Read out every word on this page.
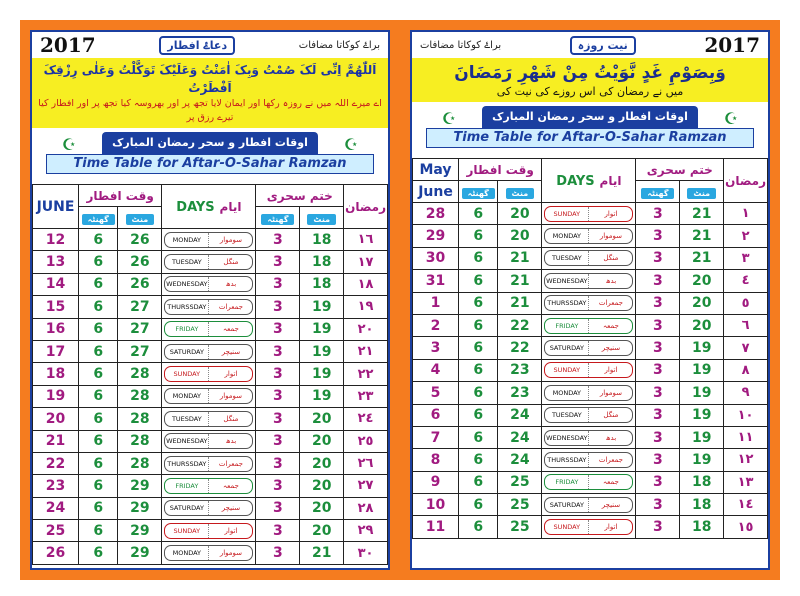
2017	دعاۓ افطار	براۓ کوکاتا مضافات
اَللّٰھُمَّ اِنِّی لَکَ صُمْتُ وَبِکَ اٰمَنْتُ وَعَلَیْکَ تَوَکَّلْتُ وَعَلٰی رِزْقِکَ اَفْطَرْتُ
اے میرے اللہ میں نے روزہ رکھا اور ایمان لایا تجھ پر اور بھروسہ کیا تجھ پر اور افطار کیا تیرے رزق پر
☪	☪
اوقات افطار و سحر رمضان المبارک
Time Table for Aftar-O-Sahar Ramzan
JUNE	وقت افطار		DAYS ایام	ختم سحری		رمضان
	گھنٹہ	منٹ		گھنٹہ	منٹ	
12	6	26	MONDAY سوموار	3	18	١٦
13	6	26	TUESDAY منگل	3	18	١٧
14	6	26	WEDNESDAY بدھ	3	18	١٨
15	6	27	THURSSDAY جمعرات	3	19	١٩
16	6	27	FRIDAY جمعہ	3	19	٢٠
17	6	27	SATURDAY سنیچر	3	19	٢١
18	6	28	SUNDAY اتوار	3	19	٢٢
19	6	28	MONDAY سوموار	3	19	٢٣
20	6	28	TUESDAY منگل	3	20	٢٤
21	6	28	WEDNESDAY بدھ	3	20	٢٥
22	6	28	THURSSDAY جمعرات	3	20	٢٦
23	6	29	FRIDAY جمعہ	3	20	٢٧
24	6	29	SATURDAY سنیچر	3	20	٢٨
25	6	29	SUNDAY اتوار	3	20	٢٩
26	6	29	MONDAY سوموار	3	21	٣٠
براۓ کوکاتا مضافات	نیت روزہ	2017
وَبِصَوْمِ غَدٍ نَّوَیْتُ مِنْ شَھْرِ رَمَضَانَ
میں نے رمضان کی اس روزے کی نیت کی
☪	☪
اوقات افطار و سحر رمضان المبارک
Time Table for Aftar-O-Sahar Ramzan
May	وقت افطار		DAYS ایام	ختم سحری		رمضان
June	گھنٹہ	منٹ		گھنٹہ	منٹ	
28	6	20	SUNDAY اتوار	3	21	١
29	6	20	MONDAY سوموار	3	21	٢
30	6	21	TUESDAY منگل	3	21	٣
31	6	21	WEDNESDAY بدھ	3	20	٤
1	6	21	THURSSDAY جمعرات	3	20	٥
2	6	22	FRIDAY جمعہ	3	20	٦
3	6	22	SATURDAY سنیچر	3	19	٧
4	6	23	SUNDAY اتوار	3	19	٨
5	6	23	MONDAY سوموار	3	19	٩
6	6	24	TUESDAY منگل	3	19	١٠
7	6	24	WEDNESDAY بدھ	3	19	١١
8	6	24	THURSSDAY جمعرات	3	19	١٢
9	6	25	FRIDAY جمعہ	3	18	١٣
10	6	25	SATURDAY سنیچر	3	18	١٤
11	6	25	SUNDAY اتوار	3	18	١٥
